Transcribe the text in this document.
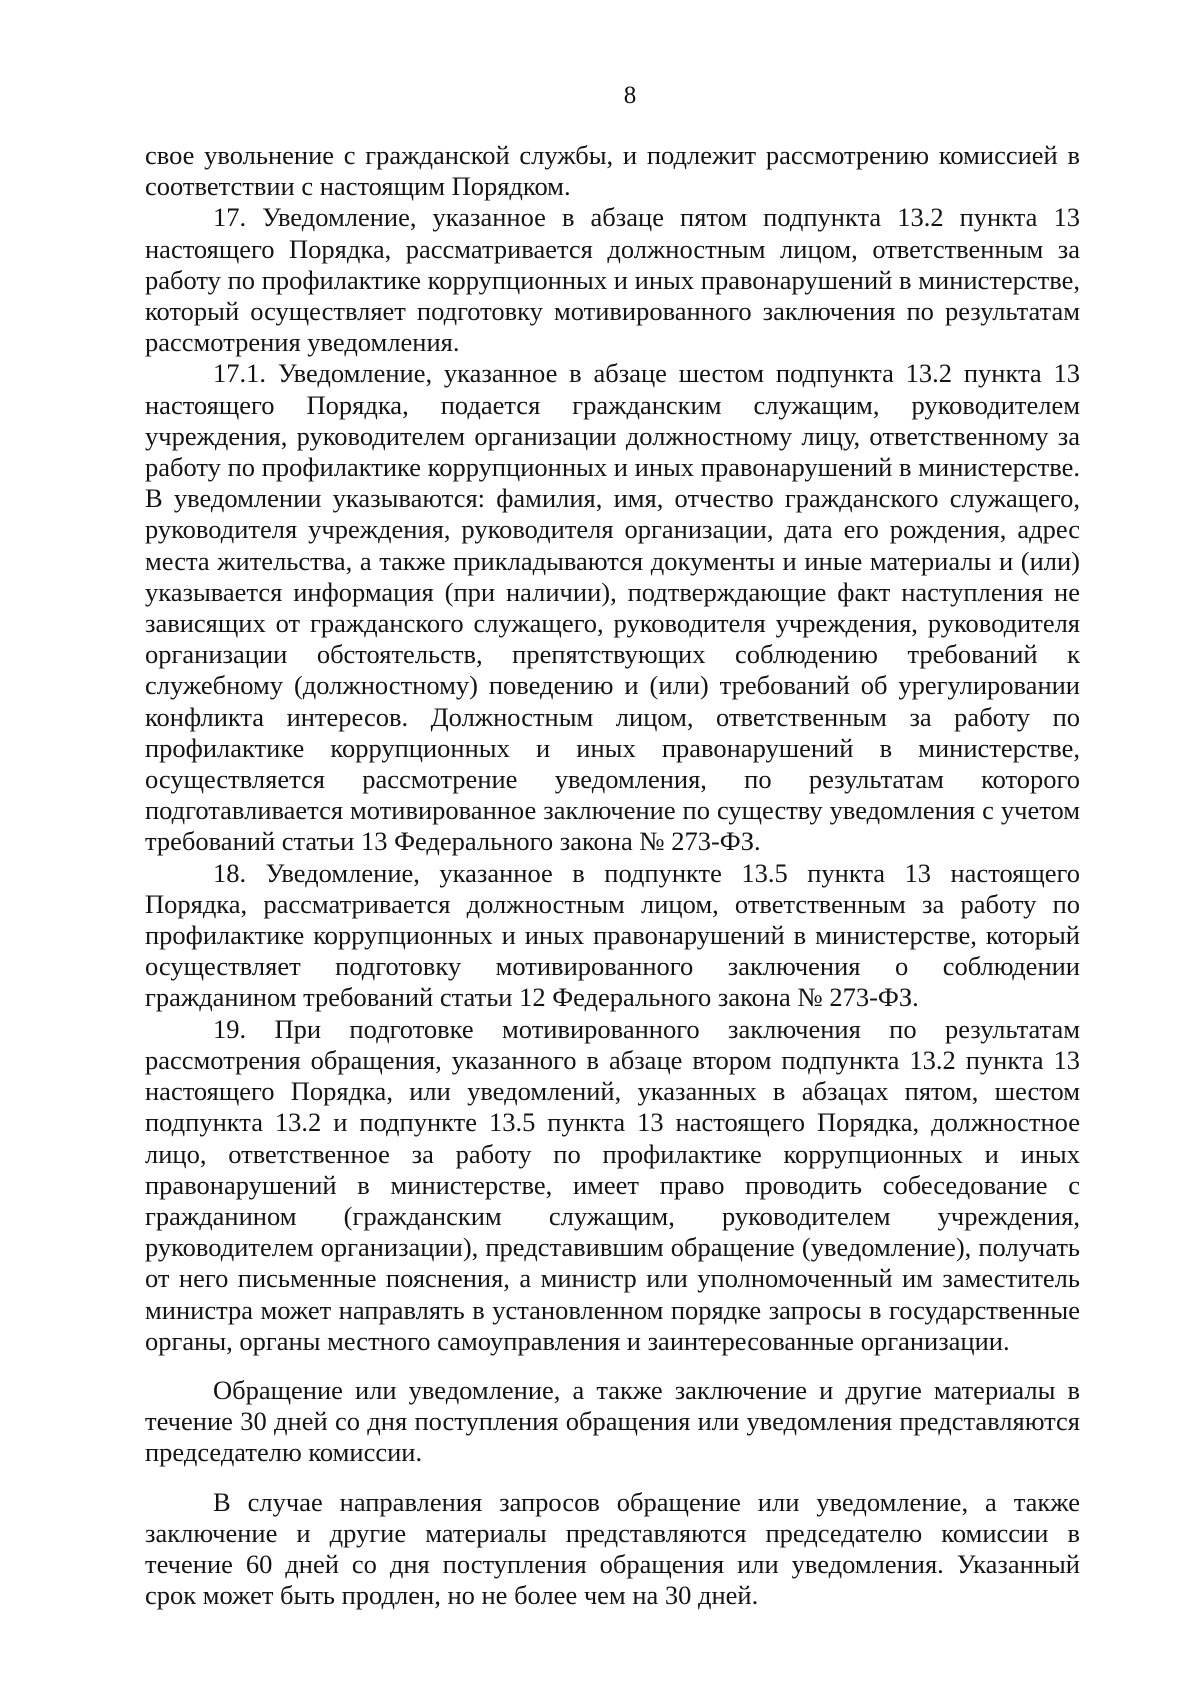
8

свое увольнение с гражданской службы, и подлежит рассмотрению комиссией в соответствии с настоящим Порядком.

17. Уведомление, указанное в абзаце пятом подпункта 13.2 пункта 13 настоящего Порядка, рассматривается должностным лицом, ответственным за работу по профилактике коррупционных и иных правонарушений в министерстве, который осуществляет подготовку мотивированного заключения по результатам рассмотрения уведомления.

17.1. Уведомление, указанное в абзаце шестом подпункта 13.2 пункта 13 настоящего Порядка, подается гражданским служащим, руководителем учреждения, руководителем организации должностному лицу, ответственному за работу по профилактике коррупционных и иных правонарушений в министерстве. В уведомлении указываются: фамилия, имя, отчество гражданского служащего, руководителя учреждения, руководителя организации, дата его рождения, адрес места жительства, а также прикладываются документы и иные материалы и (или) указывается информация (при наличии), подтверждающие факт наступления не зависящих от гражданского служащего, руководителя учреждения, руководителя организации обстоятельств, препятствующих соблюдению требований к служебному (должностному) поведению и (или) требований об урегулировании конфликта интересов. Должностным лицом, ответственным за работу по профилактике коррупционных и иных правонарушений в министерстве, осуществляется рассмотрение уведомления, по результатам которого подготавливается мотивированное заключение по существу уведомления с учетом требований статьи 13 Федерального закона № 273-ФЗ.

18. Уведомление, указанное в подпункте 13.5 пункта 13 настоящего Порядка, рассматривается должностным лицом, ответственным за работу по профилактике коррупционных и иных правонарушений в министерстве, который осуществляет подготовку мотивированного заключения о соблюдении гражданином требований статьи 12 Федерального закона № 273-ФЗ.

19. При подготовке мотивированного заключения по результатам рассмотрения обращения, указанного в абзаце втором подпункта 13.2 пункта 13 настоящего Порядка, или уведомлений, указанных в абзацах пятом, шестом подпункта 13.2 и подпункте 13.5 пункта 13 настоящего Порядка, должностное лицо, ответственное за работу по профилактике коррупционных и иных правонарушений в министерстве, имеет право проводить собеседование с гражданином (гражданским служащим, руководителем учреждения, руководителем организации), представившим обращение (уведомление), получать от него письменные пояснения, а министр или уполномоченный им заместитель министра может направлять в установленном порядке запросы в государственные органы, органы местного самоуправления и заинтересованные организации.

Обращение или уведомление, а также заключение и другие материалы в течение 30 дней со дня поступления обращения или уведомления представляются председателю комиссии.

В случае направления запросов обращение или уведомление, а также заключение и другие материалы представляются председателю комиссии в течение 60 дней со дня поступления обращения или уведомления. Указанный срок может быть продлен, но не более чем на 30 дней.
